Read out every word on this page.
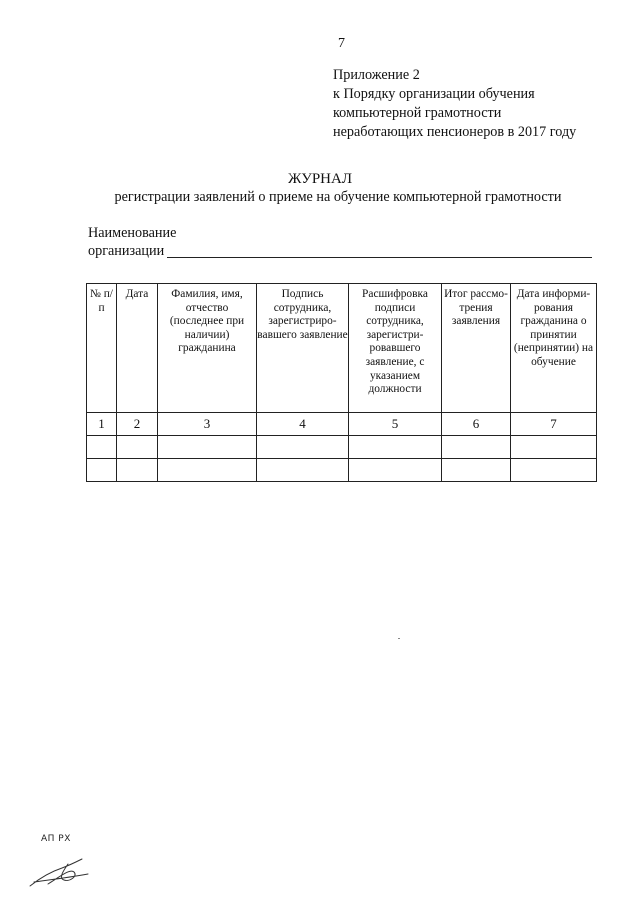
7
Приложение 2
к Порядку организации обучения
компьютерной грамотности
неработающих пенсионеров в 2017 году
ЖУРНАЛ
регистрации заявлений о приеме на обучение компьютерной грамотности
Наименование
организации
№ п/п	Дата	Фамилия, имя, отчество (последнее при наличии) гражданина	Подпись сотрудника, зарегистриро-вавшего заявление	Расшифровка подписи сотрудника, зарегистри-ровавшего заявление, с указанием должности	Итог рассмо-трения заявления	Дата информи-рования гражданина о принятии (непринятии) на обучение
1	2	3	4	5	6	7

АП РХ
